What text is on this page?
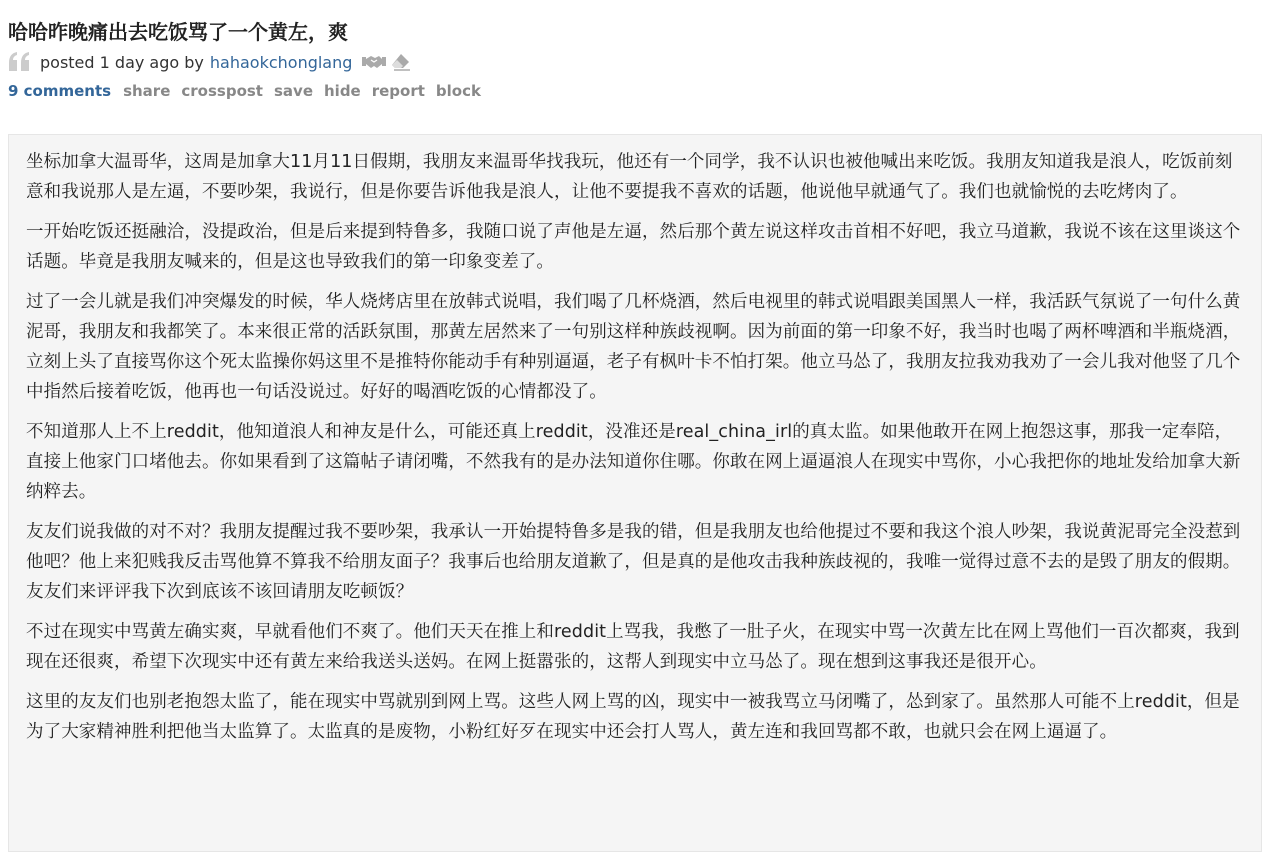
哈哈昨晚痛出去吃饭骂了一个黄左，爽
posted 1 day ago by hahaokchonglang
9 comments share crosspost save hide report block

坐标加拿大温哥华，这周是加拿大11月11日假期，我朋友来温哥华找我玩，他还有一个同学，我不认识也被他喊出来吃饭。我朋友知道我是浪人，吃饭前刻意和我说那人是左逼，不要吵架，我说行，但是你要告诉他我是浪人，让他不要提我不喜欢的话题，他说他早就通气了。我们也就愉悦的去吃烤肉了。

一开始吃饭还挺融洽，没提政治，但是后来提到特鲁多，我随口说了声他是左逼，然后那个黄左说这样攻击首相不好吧，我立马道歉，我说不该在这里谈这个话题。毕竟是我朋友喊来的，但是这也导致我们的第一印象变差了。

过了一会儿就是我们冲突爆发的时候，华人烧烤店里在放韩式说唱，我们喝了几杯烧酒，然后电视里的韩式说唱跟美国黑人一样，我活跃气氛说了一句什么黄泥哥，我朋友和我都笑了。本来很正常的活跃氛围，那黄左居然来了一句别这样种族歧视啊。因为前面的第一印象不好，我当时也喝了两杯啤酒和半瓶烧酒，立刻上头了直接骂你这个死太监操你妈这里不是推特你能动手有种别逼逼，老子有枫叶卡不怕打架。他立马怂了，我朋友拉我劝我劝了一会儿我对他竖了几个中指然后接着吃饭，他再也一句话没说过。好好的喝酒吃饭的心情都没了。

不知道那人上不上reddit，他知道浪人和神友是什么，可能还真上reddit，没准还是real_china_irl的真太监。如果他敢开在网上抱怨这事，那我一定奉陪，直接上他家门口堵他去。你如果看到了这篇帖子请闭嘴，不然我有的是办法知道你住哪。你敢在网上逼逼浪人在现实中骂你，小心我把你的地址发给加拿大新纳粹去。

友友们说我做的对不对？我朋友提醒过我不要吵架，我承认一开始提特鲁多是我的错，但是我朋友也给他提过不要和我这个浪人吵架，我说黄泥哥完全没惹到他吧？他上来犯贱我反击骂他算不算我不给朋友面子？我事后也给朋友道歉了，但是真的是他攻击我种族歧视的，我唯一觉得过意不去的是毁了朋友的假期。友友们来评评我下次到底该不该回请朋友吃顿饭？

不过在现实中骂黄左确实爽，早就看他们不爽了。他们天天在推上和reddit上骂我，我憋了一肚子火，在现实中骂一次黄左比在网上骂他们一百次都爽，我到现在还很爽，希望下次现实中还有黄左来给我送头送妈。在网上挺嚣张的，这帮人到现实中立马怂了。现在想到这事我还是很开心。

这里的友友们也别老抱怨太监了，能在现实中骂就别到网上骂。这些人网上骂的凶，现实中一被我骂立马闭嘴了，怂到家了。虽然那人可能不上reddit，但是为了大家精神胜利把他当太监算了。太监真的是废物，小粉红好歹在现实中还会打人骂人，黄左连和我回骂都不敢，也就只会在网上逼逼了。
